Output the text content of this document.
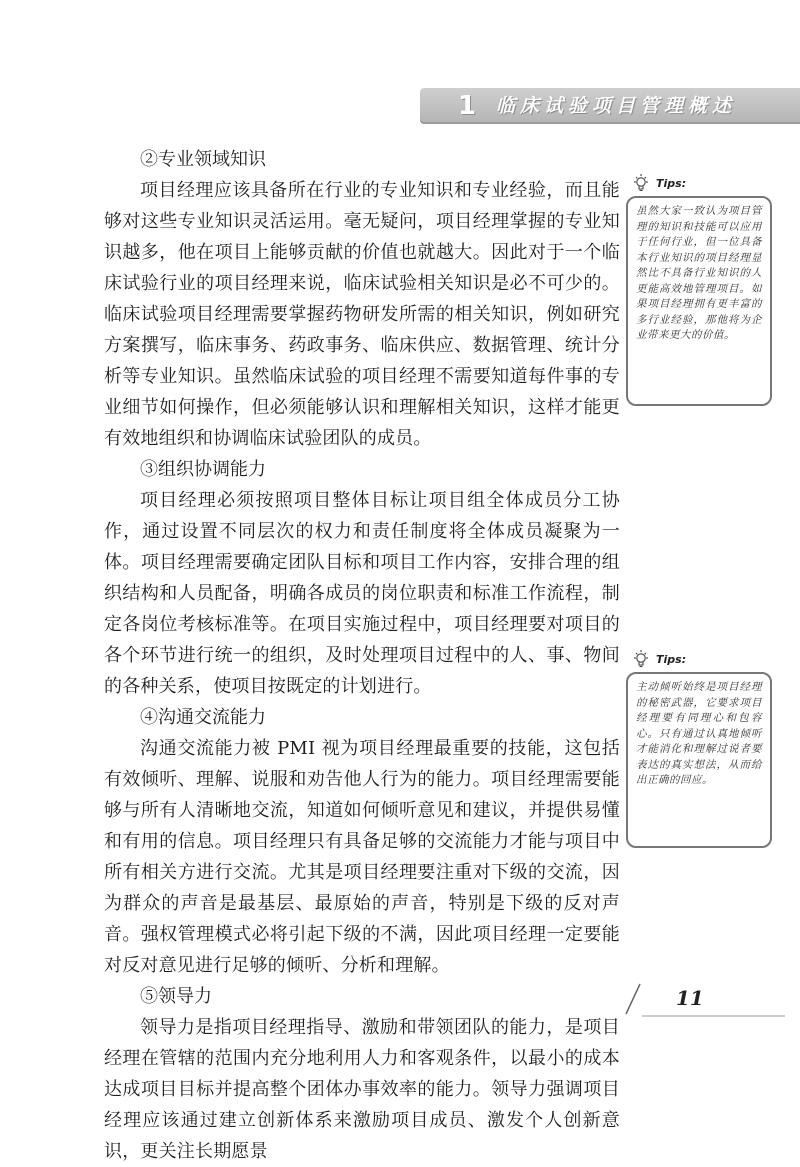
1 临床试验项目管理概述

②专业领域知识

项目经理应该具备所在行业的专业知识和专业经验，而且能够对这些专业知识灵活运用。毫无疑问，项目经理掌握的专业知识越多，他在项目上能够贡献的价值也就越大。因此对于一个临床试验行业的项目经理来说，临床试验相关知识是必不可少的。临床试验项目经理需要掌握药物研发所需的相关知识，例如研究方案撰写，临床事务、药政事务、临床供应、数据管理、统计分析等专业知识。虽然临床试验的项目经理不需要知道每件事的专业细节如何操作，但必须能够认识和理解相关知识，这样才能更有效地组织和协调临床试验团队的成员。

③组织协调能力

项目经理必须按照项目整体目标让项目组全体成员分工协作，通过设置不同层次的权力和责任制度将全体成员凝聚为一体。项目经理需要确定团队目标和项目工作内容，安排合理的组织结构和人员配备，明确各成员的岗位职责和标准工作流程，制定各岗位考核标准等。在项目实施过程中，项目经理要对项目的各个环节进行统一的组织，及时处理项目过程中的人、事、物间的各种关系，使项目按既定的计划进行。

④沟通交流能力

沟通交流能力被 PMI 视为项目经理最重要的技能，这包括有效倾听、理解、说服和劝告他人行为的能力。项目经理需要能够与所有人清晰地交流，知道如何倾听意见和建议，并提供易懂和有用的信息。项目经理只有具备足够的交流能力才能与项目中所有相关方进行交流。尤其是项目经理要注重对下级的交流，因为群众的声音是最基层、最原始的声音，特别是下级的反对声音。强权管理模式必将引起下级的不满，因此项目经理一定要能对反对意见进行足够的倾听、分析和理解。

⑤领导力

领导力是指项目经理指导、激励和带领团队的能力，是项目经理在管辖的范围内充分地利用人力和客观条件，以最小的成本达成项目目标并提高整个团体办事效率的能力。领导力强调项目经理应该通过建立创新体系来激励项目成员、激发个人创新意识，更关注长期愿景

Tips:
虽然大家一致认为项目管理的知识和技能可以应用于任何行业，但一位具备本行业知识的项目经理显然比不具备行业知识的人更能高效地管理项目。如果项目经理拥有更丰富的多行业经验，那他将为企业带来更大的价值。
Tips:
主动倾听始终是项目经理的秘密武器，它要求项目经理要有同理心和包容心。只有通过认真地倾听才能消化和理解过说者要表达的真实想法，从而给出正确的回应。
11
